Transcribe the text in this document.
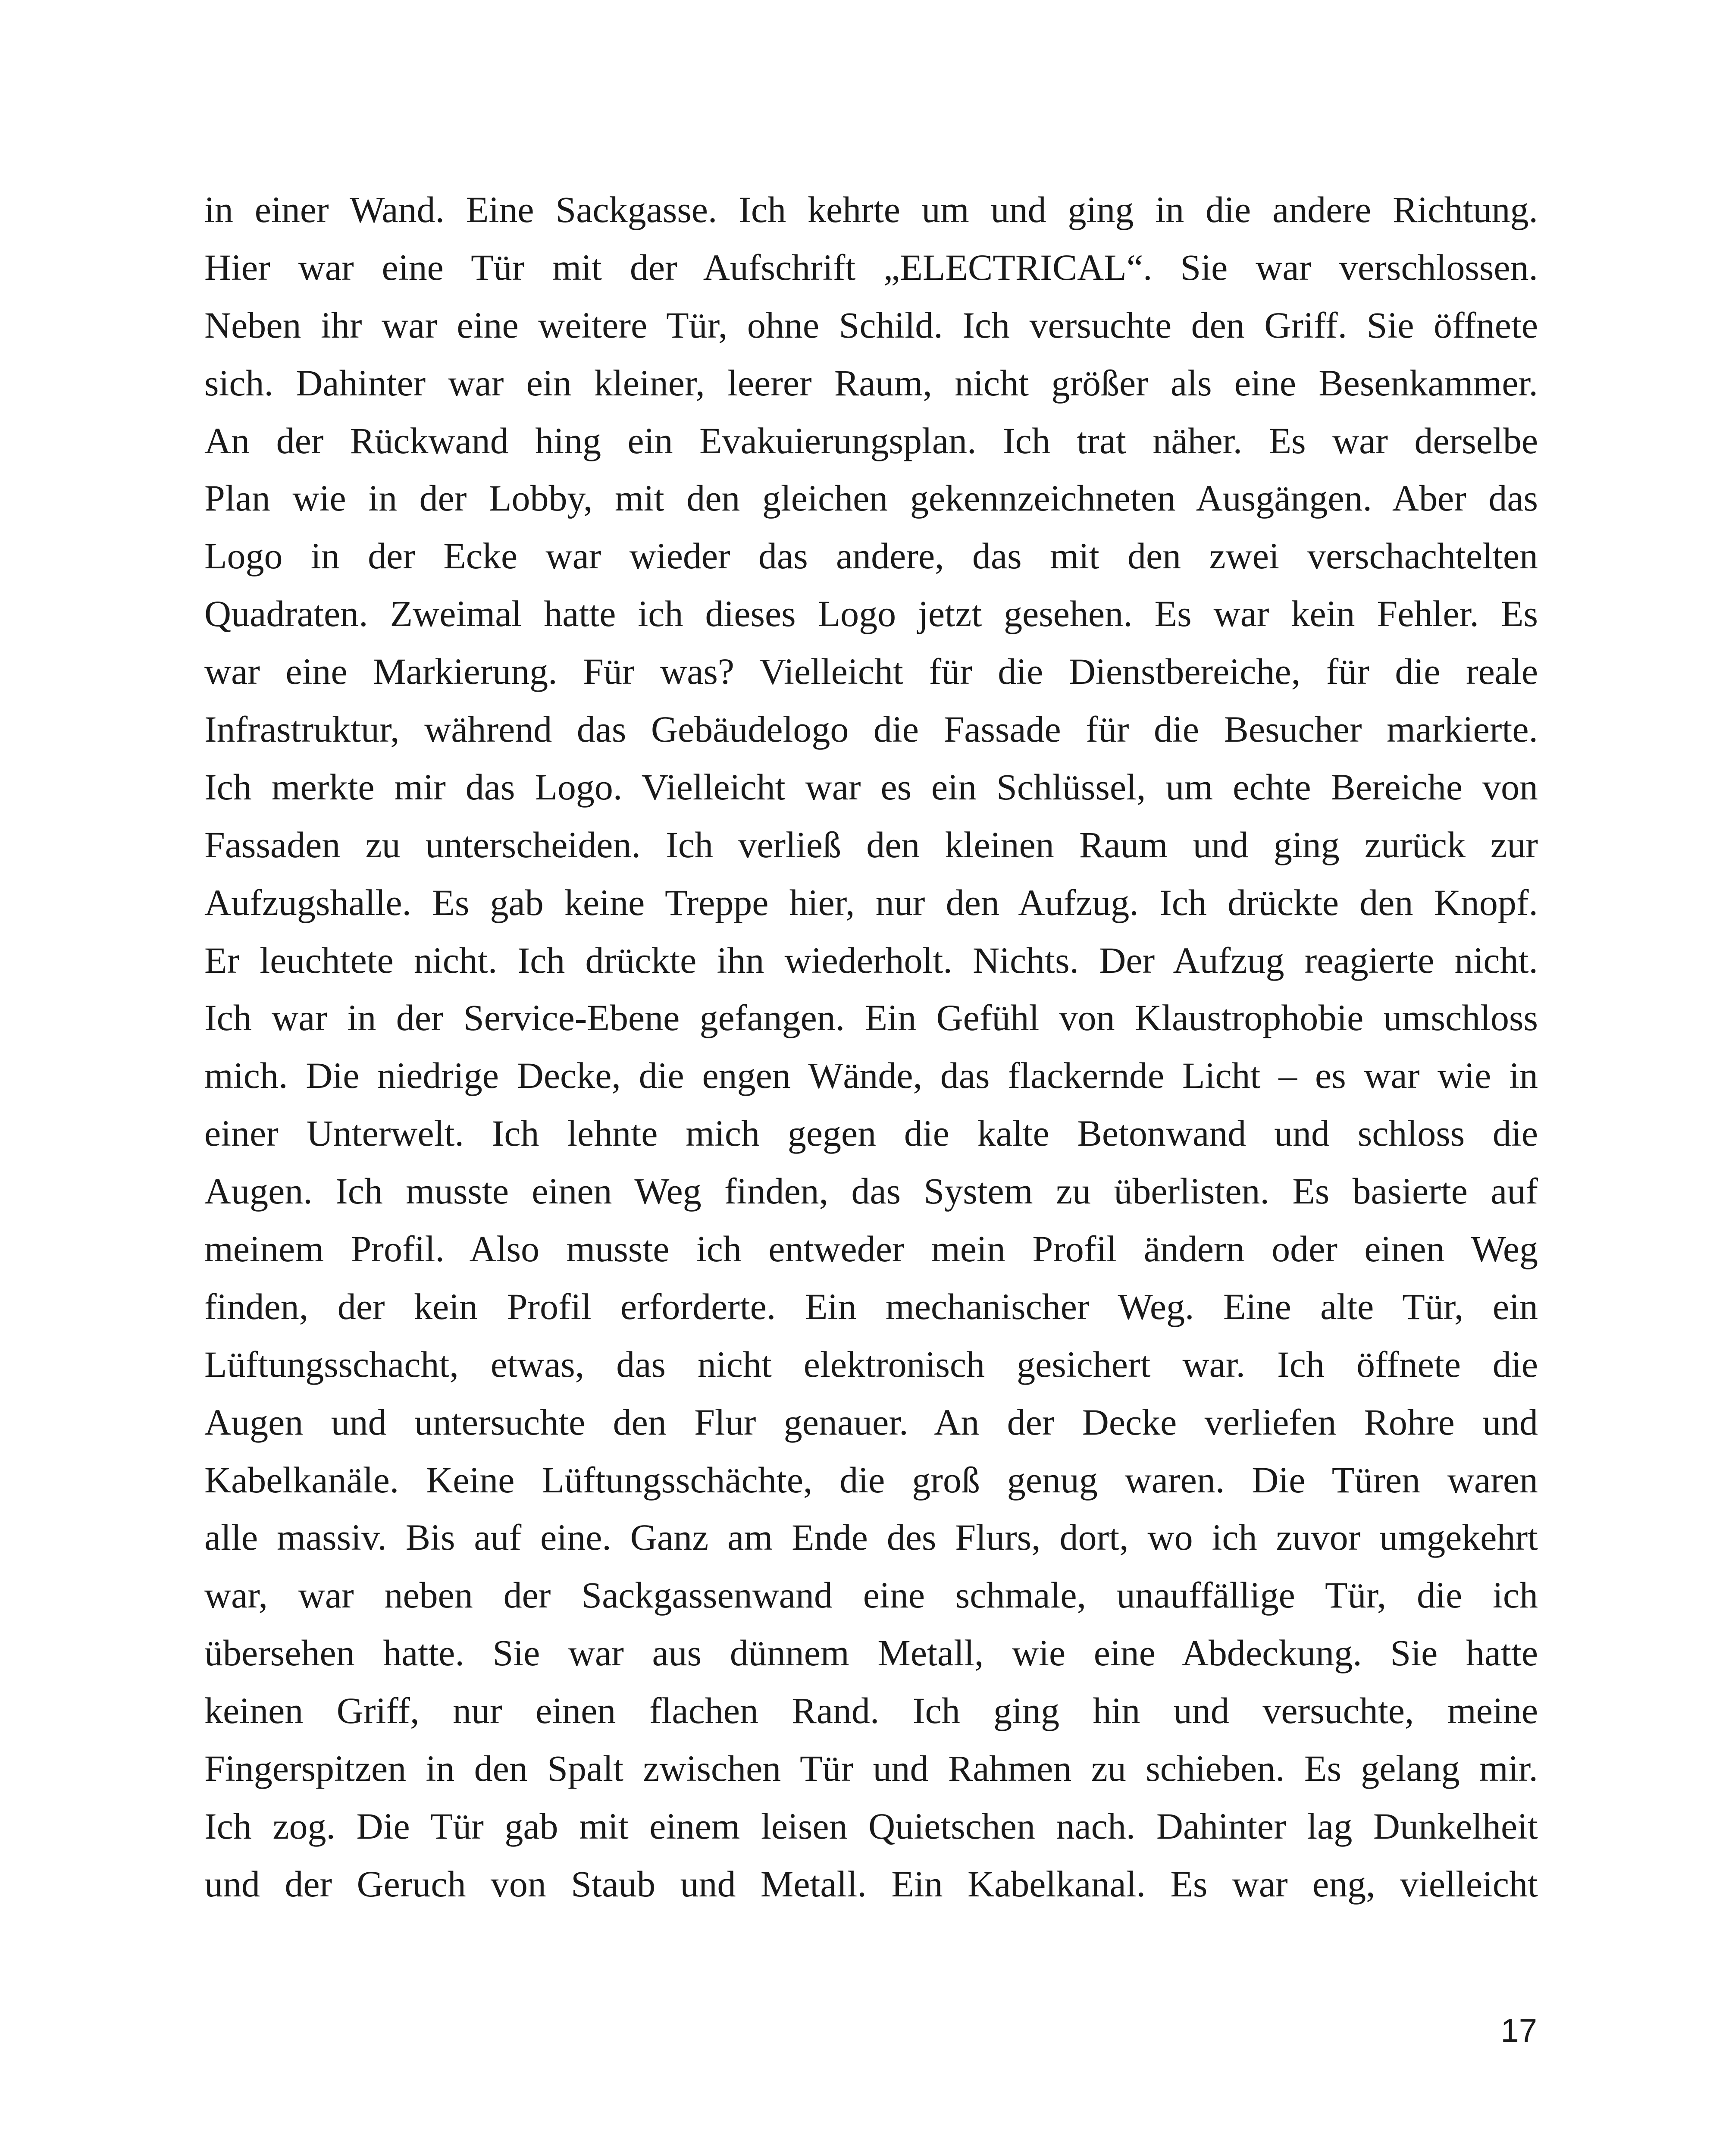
in einer Wand. Eine Sackgasse. Ich kehrte um und ging in die andere Richtung.
Hier war eine Tür mit der Aufschrift „ELECTRICAL“. Sie war verschlossen.
Neben ihr war eine weitere Tür, ohne Schild. Ich versuchte den Griff. Sie öffnete
sich. Dahinter war ein kleiner, leerer Raum, nicht größer als eine Besenkammer.
An der Rückwand hing ein Evakuierungsplan. Ich trat näher. Es war derselbe
Plan wie in der Lobby, mit den gleichen gekennzeichneten Ausgängen. Aber das
Logo in der Ecke war wieder das andere, das mit den zwei verschachtelten
Quadraten. Zweimal hatte ich dieses Logo jetzt gesehen. Es war kein Fehler. Es
war eine Markierung. Für was? Vielleicht für die Dienstbereiche, für die reale
Infrastruktur, während das Gebäudelogo die Fassade für die Besucher markierte.
Ich merkte mir das Logo. Vielleicht war es ein Schlüssel, um echte Bereiche von
Fassaden zu unterscheiden. Ich verließ den kleinen Raum und ging zurück zur
Aufzugshalle. Es gab keine Treppe hier, nur den Aufzug. Ich drückte den Knopf.
Er leuchtete nicht. Ich drückte ihn wiederholt. Nichts. Der Aufzug reagierte nicht.
Ich war in der Service-Ebene gefangen. Ein Gefühl von Klaustrophobie umschloss
mich. Die niedrige Decke, die engen Wände, das flackernde Licht – es war wie in
einer Unterwelt. Ich lehnte mich gegen die kalte Betonwand und schloss die
Augen. Ich musste einen Weg finden, das System zu überlisten. Es basierte auf
meinem Profil. Also musste ich entweder mein Profil ändern oder einen Weg
finden, der kein Profil erforderte. Ein mechanischer Weg. Eine alte Tür, ein
Lüftungsschacht, etwas, das nicht elektronisch gesichert war. Ich öffnete die
Augen und untersuchte den Flur genauer. An der Decke verliefen Rohre und
Kabelkanäle. Keine Lüftungsschächte, die groß genug waren. Die Türen waren
alle massiv. Bis auf eine. Ganz am Ende des Flurs, dort, wo ich zuvor umgekehrt
war, war neben der Sackgassenwand eine schmale, unauffällige Tür, die ich
übersehen hatte. Sie war aus dünnem Metall, wie eine Abdeckung. Sie hatte
keinen Griff, nur einen flachen Rand. Ich ging hin und versuchte, meine
Fingerspitzen in den Spalt zwischen Tür und Rahmen zu schieben. Es gelang mir.
Ich zog. Die Tür gab mit einem leisen Quietschen nach. Dahinter lag Dunkelheit
und der Geruch von Staub und Metall. Ein Kabelkanal. Es war eng, vielleicht
17
